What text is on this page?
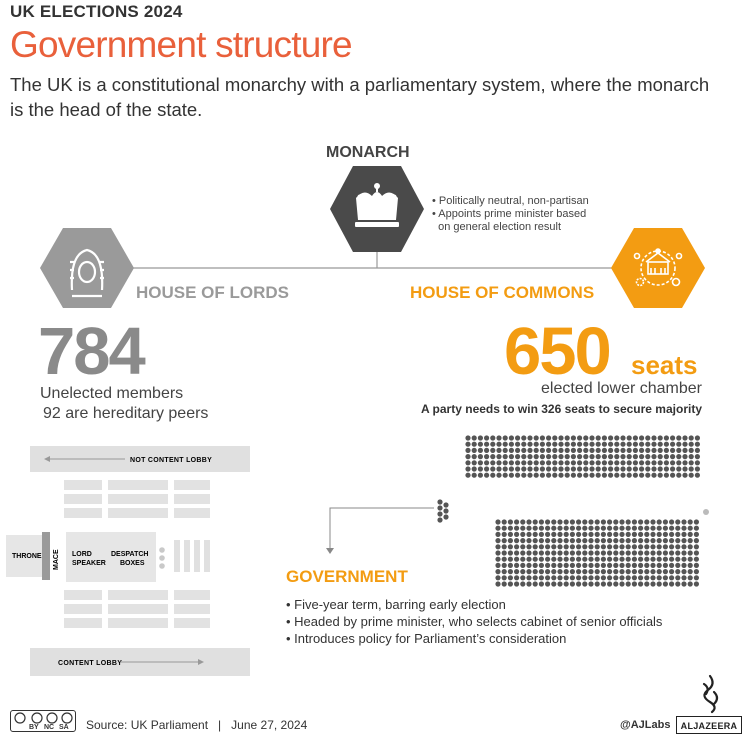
UK ELECTIONS 2024
Government structure
The UK is a constitutional monarchy with a parliamentary system, where the monarch is the head of the state.
MONARCH
• Politically neutral, non-partisan
• Appoints prime minister based
on general election result
HOUSE OF LORDS
784
Unelected members
92 are hereditary peers
HOUSE OF COMMONS
650 seats
elected lower chamber
A party needs to win 326 seats to secure majority
NOT CONTENT LOBBY
THRONE MACE LORD
SPEAKER
DESPATCH
BOXES
CONTENT LOBBY
GOVERNMENT
• Five-year term, barring early election
• Headed by prime minister, who selects cabinet of senior officials
• Introduces policy for Parliament’s consideration
BY NC SA Source: UK Parliament   |   June 27, 2024	@AJLabs	ALJAZEERA
